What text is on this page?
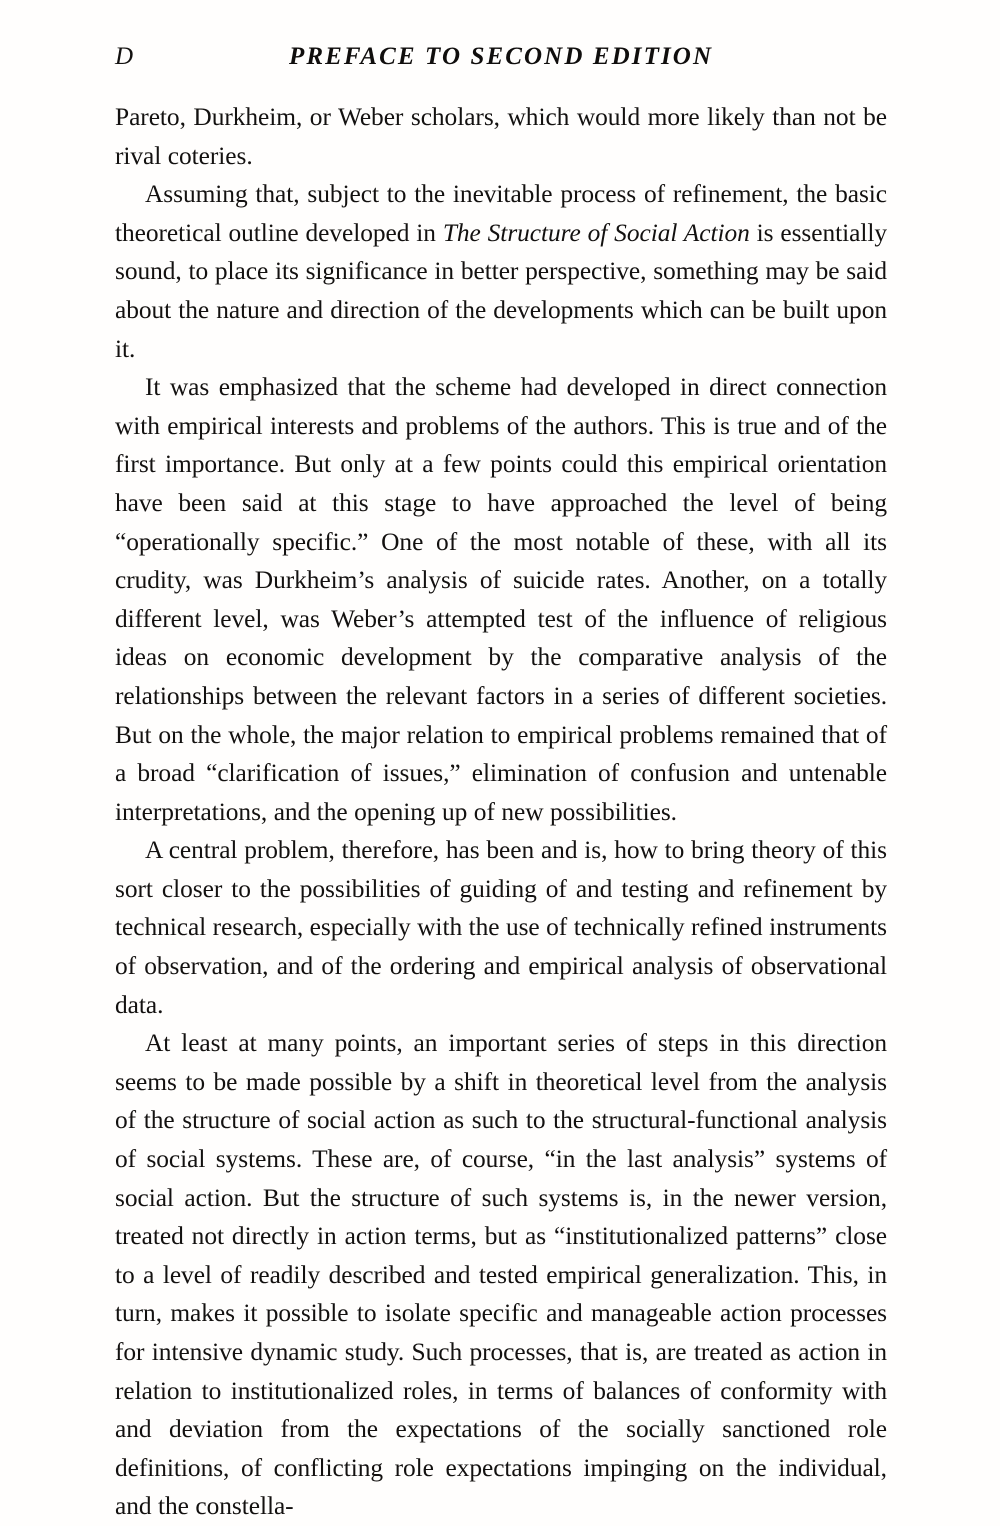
D	PREFACE TO SECOND EDITION

Pareto, Durkheim, or Weber scholars, which would more likely than not be rival coteries.

Assuming that, subject to the inevitable process of refinement, the basic theoretical outline developed in The Structure of Social Action is essentially sound, to place its significance in better perspective, something may be said about the nature and direction of the developments which can be built upon it.

It was emphasized that the scheme had developed in direct connection with empirical interests and problems of the authors. This is true and of the first importance. But only at a few points could this empirical orientation have been said at this stage to have approached the level of being “operationally specific.” One of the most notable of these, with all its crudity, was Durkheim’s analysis of suicide rates. Another, on a totally different level, was Weber’s attempted test of the influence of religious ideas on economic development by the comparative analysis of the relationships between the relevant factors in a series of different societies. But on the whole, the major relation to empirical problems remained that of a broad “clarification of issues,” elimination of confusion and untenable interpretations, and the opening up of new possibilities.

A central problem, therefore, has been and is, how to bring theory of this sort closer to the possibilities of guiding of and testing and refinement by technical research, especially with the use of technically refined instruments of observation, and of the ordering and empirical analysis of observational data.

At least at many points, an important series of steps in this direction seems to be made possible by a shift in theoretical level from the analysis of the structure of social action as such to the structural-functional analysis of social systems. These are, of course, “in the last analysis” systems of social action. But the structure of such systems is, in the newer version, treated not directly in action terms, but as “institutionalized patterns” close to a level of readily described and tested empirical generalization. This, in turn, makes it possible to isolate specific and manageable action processes for intensive dynamic study. Such processes, that is, are treated as action in relation to institutionalized roles, in terms of balances of conformity with and deviation from the expectations of the socially sanctioned role definitions, of conflicting role expectations impinging on the individual, and the constella-
